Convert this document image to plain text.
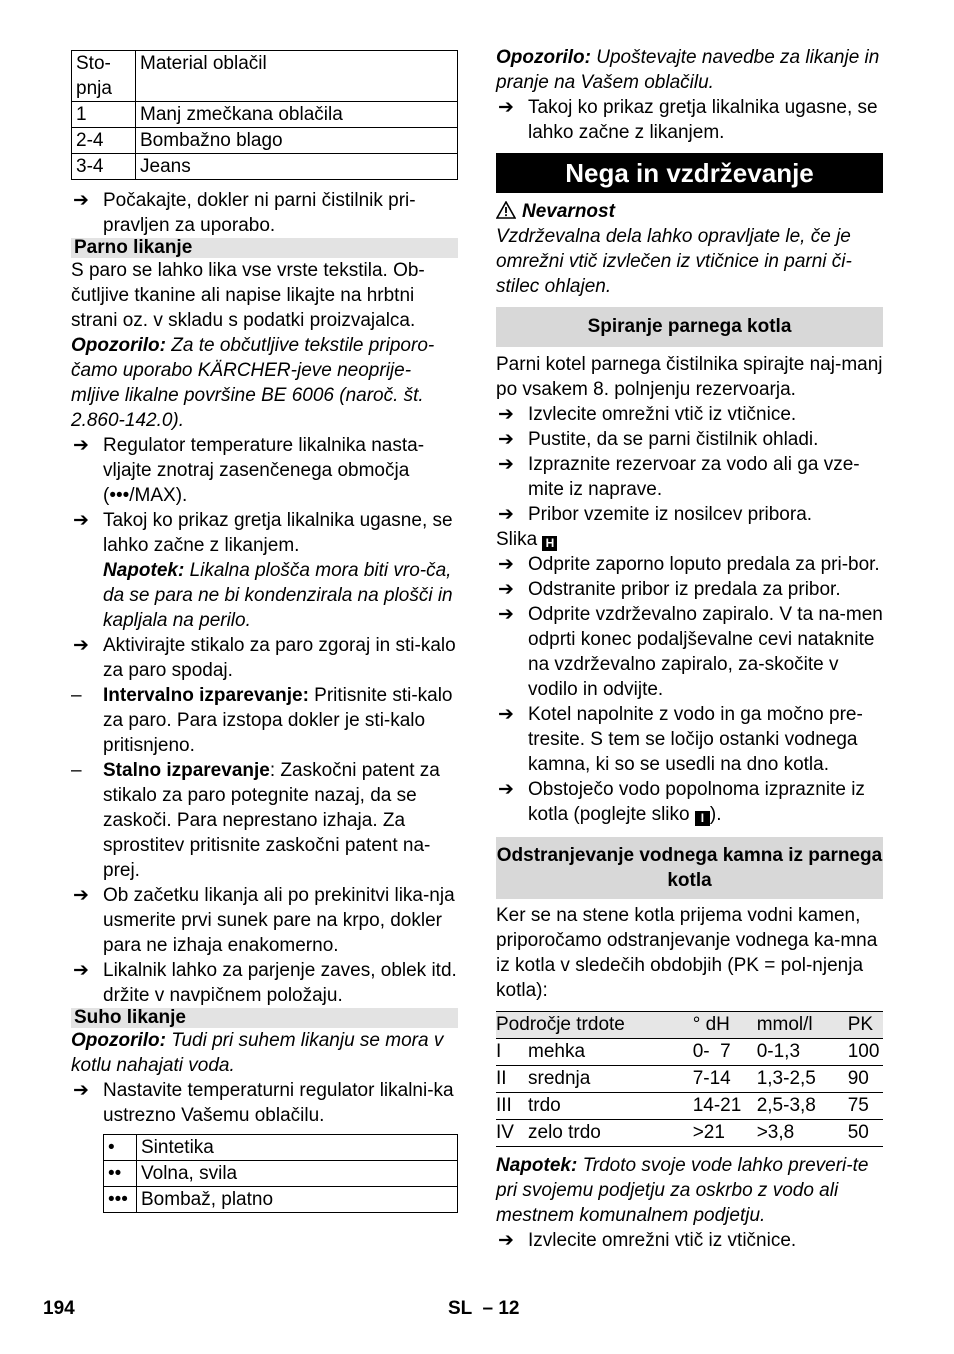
Sto-
pnja	Material oblačil
1	Manj zmečkana oblačila
2-4	Bombažno blago
3-4	Jeans
➔ Počakajte, dokler ni parni čistilnik pri-pravljen za uporabo.
Parno likanje

S paro se lahko lika vse vrste tekstila. Ob-čutljive tkanine ali napise likajte na hrbtni strani oz. v skladu s podatki proizvajalca.

Opozorilo: Za te občutljive tekstile priporo-čamo uporabo KÄRCHER-jeve neoprije-mljive likalne površine BE 6006 (naroč. št. 2.860-142.0).

➔ Regulator temperature likalnika nasta-vljajte znotraj zasenčenega območja (•••/MAX).
➔ Takoj ko prikaz gretja likalnika ugasne, se lahko začne z likanjem.

Napotek: Likalna plošča mora biti vro-ča, da se para ne bi kondenzirala na plošči in kapljala na perilo.

➔ Aktivirajte stikalo za paro zgoraj in sti-kalo za paro spodaj.
– Intervalno izparevanje: Pritisnite sti-kalo za paro. Para izstopa dokler je sti-kalo pritisnjeno.
– Stalno izparevanje: Zaskočni patent za stikalo za paro potegnite nazaj, da se zaskoči. Para neprestano izhaja. Za sprostitev pritisnite zaskočni patent na-prej.
➔ Ob začetku likanja ali po prekinitvi lika-nja usmerite prvi sunek pare na krpo, dokler para ne izhaja enakomerno.
➔ Likalnik lahko za parjenje zaves, oblek itd. držite v navpičnem položaju.
Suho likanje

Opozorilo: Tudi pri suhem likanju se mora v kotlu nahajati voda.

➔ Nastavite temperaturni regulator likalni-ka ustrezno Vašemu oblačilu.
•	Sintetika
••	Volna, svila
•••	Bombaž, platno

Opozorilo: Upoštevajte navedbe za likanje in pranje na Vašem oblačilu.

➔ Takoj ko prikaz gretja likalnika ugasne, se lahko začne z likanjem.
Nega in vzdrževanje

Nevarnost

Vzdrževalna dela lahko opravljate le, če je omrežni vtič izvlečen iz vtičnice in parni či-stilec ohlajen.

Spiranje parnega kotla

Parni kotel parnega čistilnika spirajte naj-manj po vsakem 8. polnjenju rezervoarja.

➔ Izvlecite omrežni vtič iz vtičnice.
➔ Pustite, da se parni čistilnik ohladi.
➔ Izpraznite rezervoar za vodo ali ga vze-mite iz naprave.
➔ Pribor vzemite iz nosilcev pribora.

Slika H

➔ Odprite zaporno loputo predala za pri-bor.
➔ Odstranite pribor iz predala za pribor.
➔ Odprite vzdrževalno zapiralo. V ta na-men odprti konec podaljševalne cevi nataknite na vzdrževalno zapiralo, za-skočite v vodilo in odvijte.
➔ Kotel napolnite z vodo in ga močno pre-tresite. S tem se ločijo ostanki vodnega kamna, ki so se usedli na dno kotla.
➔ Obstoječo vodo popolnoma izpraznite iz kotla (poglejte sliko I ).
Odstranjevanje vodnega kamna iz parnega kotla

Ker se na stene kotla prijema vodni kamen, priporočamo odstranjevanje vodnega ka-mna iz kotla v sledečih obdobjih (PK = pol-njenja kotla):

Področje trdote		° dH	mmol/l	PK
I	mehka	0-  7	0-1,3	100
II	srednja	7-14	1,3-2,5	90
III	trdo	14-21	2,5-3,8	75
IV	zelo trdo	>21	>3,8	50

Napotek: Trdoto svoje vode lahko preveri-te pri svojemu podjetju za oskrbo z vodo ali mestnem komunalnem podjetju.

➔ Izvlecite omrežni vtič iz vtičnice.
194	SL  – 12
